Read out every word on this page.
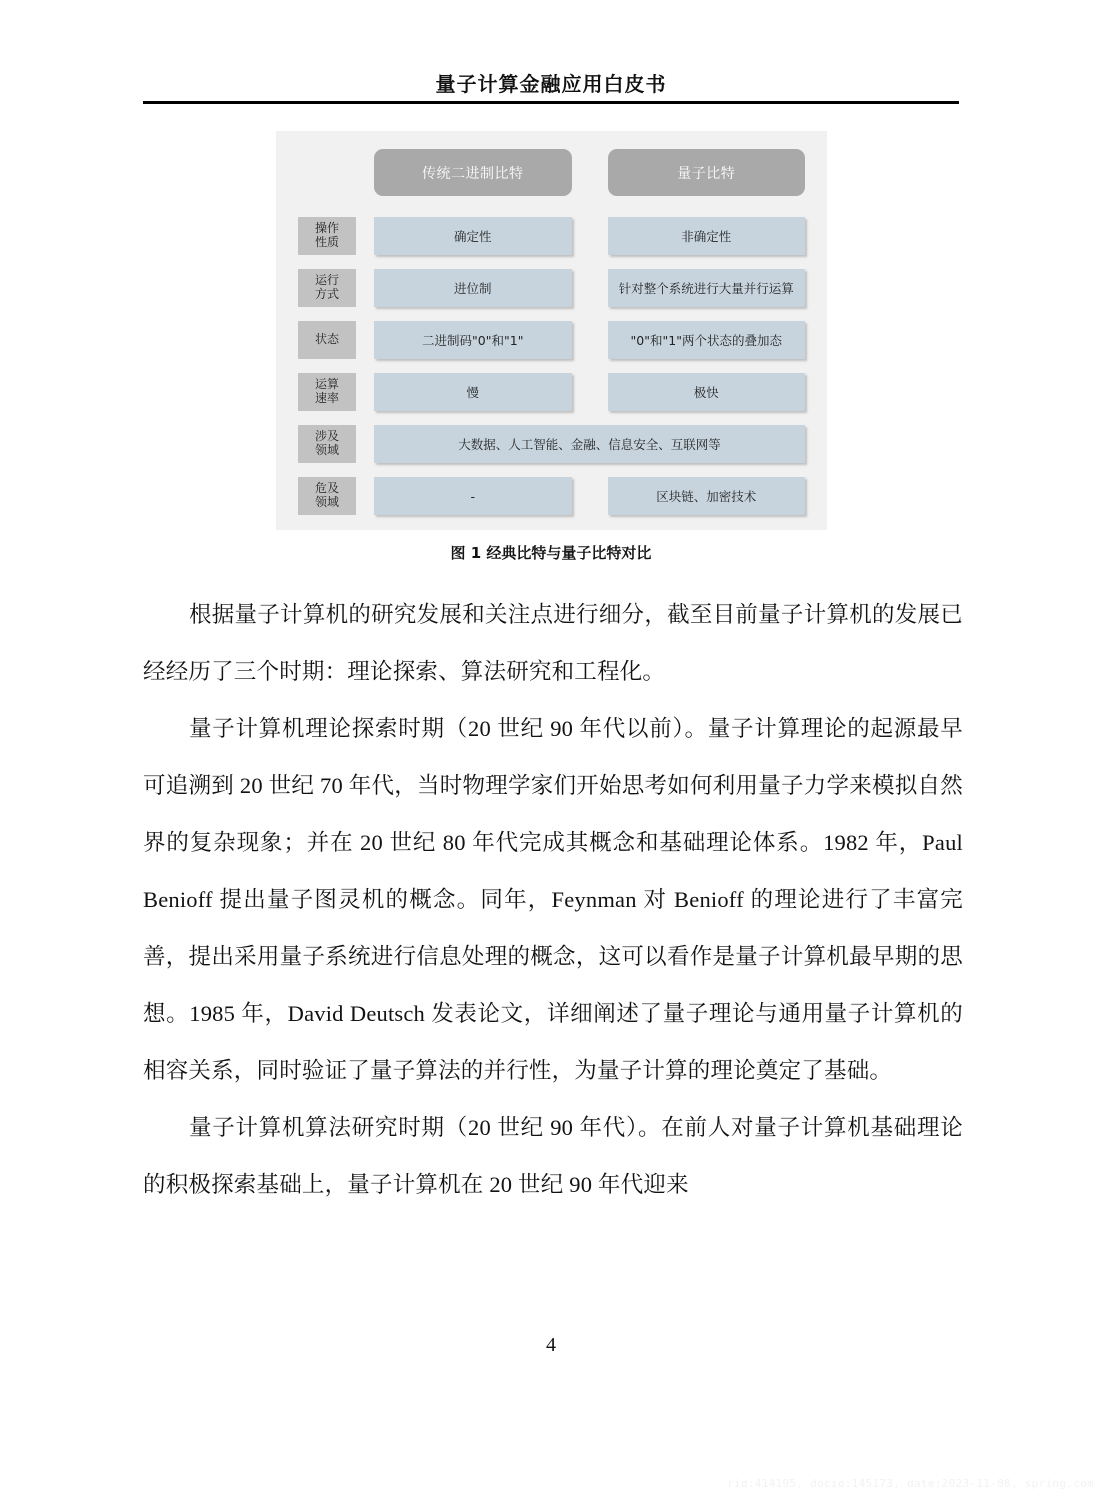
量子计算金融应用白皮书
传统二进制比特	量子比特
操作
性质	确定性	非确定性
运行
方式	进位制	针对整个系统进行大量并行运算
状态	二进制码"0"和"1"	"0"和"1"两个状态的叠加态
运算
速率	慢	极快
涉及
领域	大数据、人工智能、金融、信息安全、互联网等
危及
领域	-	区块链、加密技术
图 1 经典比特与量子比特对比

根据量子计算机的研究发展和关注点进行细分，截至目前量子计算机的发展已经经历了三个时期：理论探索、算法研究和工程化。

量子计算机理论探索时期（20 世纪 90 年代以前）。量子计算理论的起源最早可追溯到 20 世纪 70 年代，当时物理学家们开始思考如何利用量子力学来模拟自然界的复杂现象；并在 20 世纪 80 年代完成其概念和基础理论体系。1982 年，Paul Benioff 提出量子图灵机的概念。同年，Feynman 对 Benioff 的理论进行了丰富完善，提出采用量子系统进行信息处理的概念，这可以看作是量子计算机最早期的思想。1985 年，David Deutsch 发表论文，详细阐述了量子理论与通用量子计算机的相容关系，同时验证了量子算法的并行性，为量子计算的理论奠定了基础。

量子计算机算法研究时期（20 世纪 90 年代）。在前人对量子计算机基础理论的积极探索基础上，量子计算机在 20 世纪 90 年代迎来

4
rid:414195, docid:145173, date:2023-11-08, spring.com
